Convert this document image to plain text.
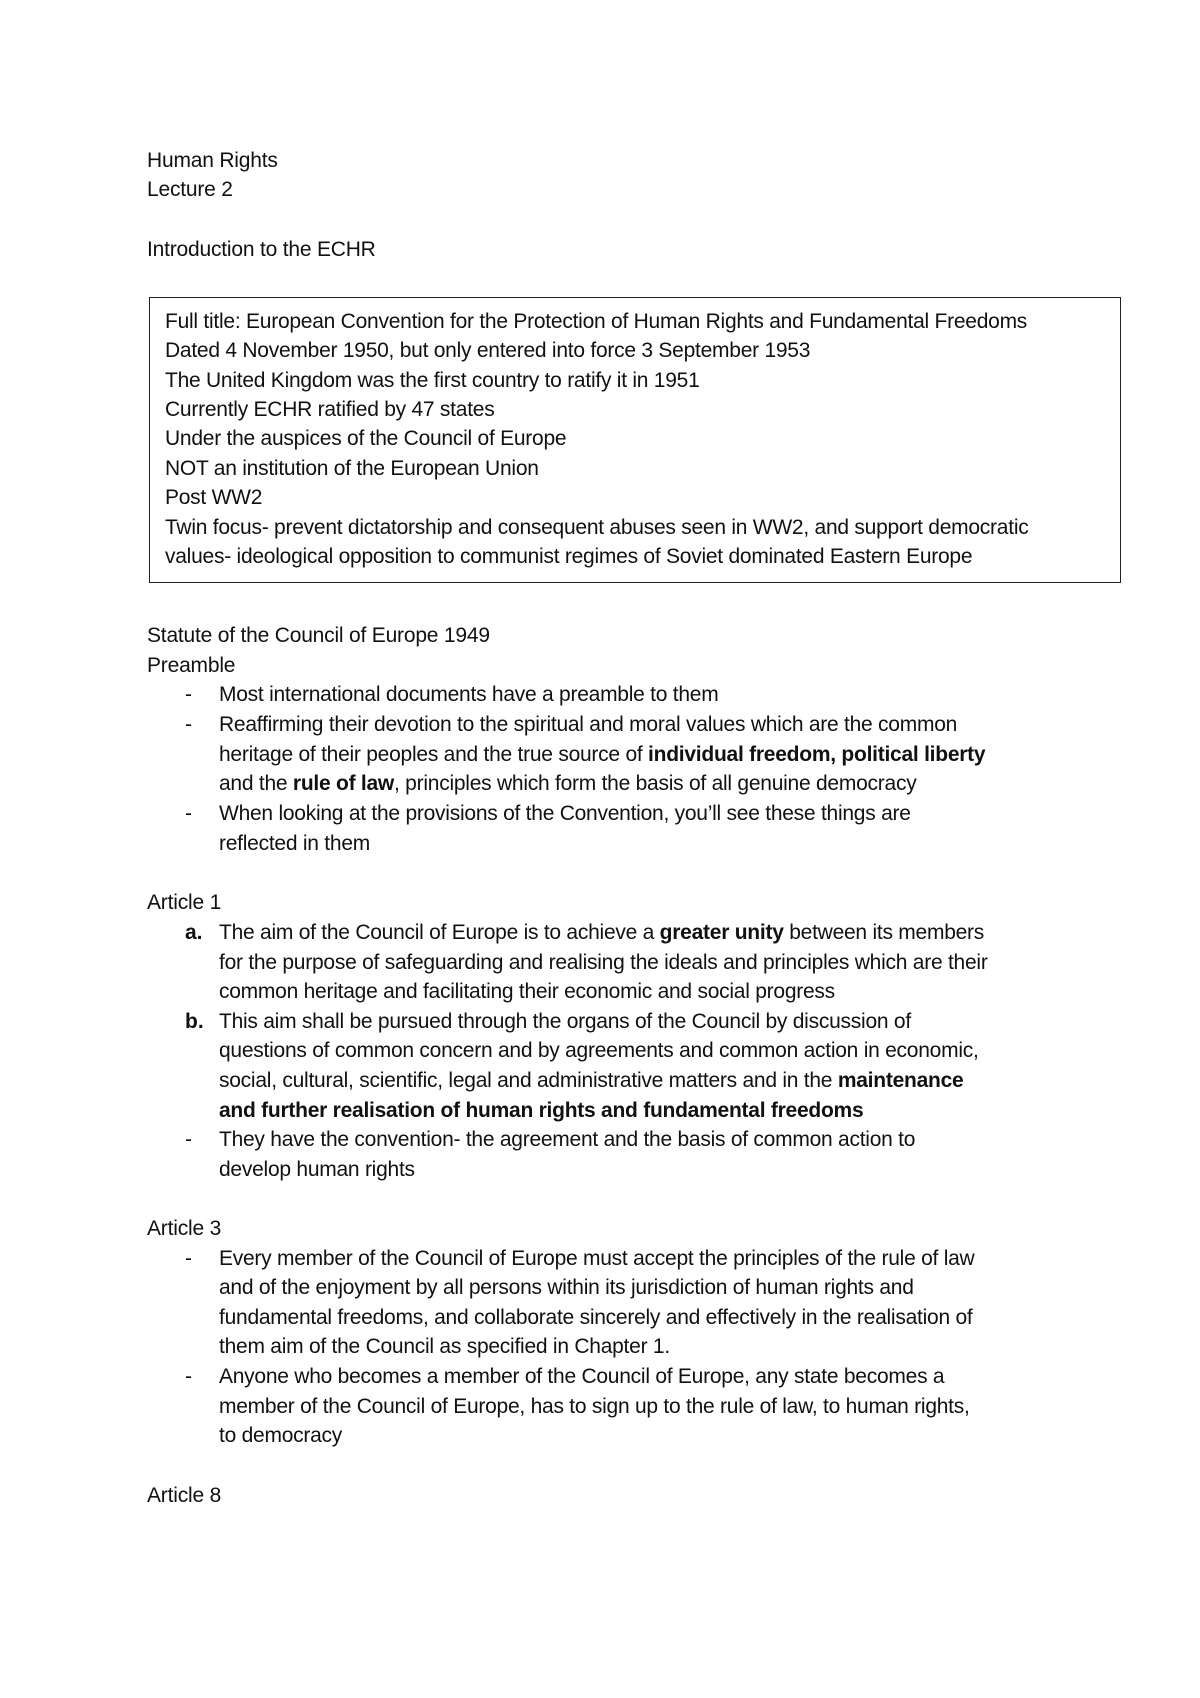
Human Rights
Lecture 2
Introduction to the ECHR
Full title: European Convention for the Protection of Human Rights and Fundamental Freedoms
Dated 4 November 1950, but only entered into force 3 September 1953
The United Kingdom was the first country to ratify it in 1951
Currently ECHR ratified by 47 states
Under the auspices of the Council of Europe
NOT an institution of the European Union
Post WW2
Twin focus- prevent dictatorship and consequent abuses seen in WW2, and support democratic
values- ideological opposition to communist regimes of Soviet dominated Eastern Europe
Statute of the Council of Europe 1949
Preamble
- Most international documents have a preamble to them
- Reaffirming their devotion to the spiritual and moral values which are the common
heritage of their peoples and the true source of individual freedom, political liberty
and the rule of law, principles which form the basis of all genuine democracy
- When looking at the provisions of the Convention, you’ll see these things are
reflected in them
Article 1
a. The aim of the Council of Europe is to achieve a greater unity between its members
for the purpose of safeguarding and realising the ideals and principles which are their
common heritage and facilitating their economic and social progress
b. This aim shall be pursued through the organs of the Council by discussion of
questions of common concern and by agreements and common action in economic,
social, cultural, scientific, legal and administrative matters and in the maintenance
and further realisation of human rights and fundamental freedoms
- They have the convention- the agreement and the basis of common action to
develop human rights
Article 3
- Every member of the Council of Europe must accept the principles of the rule of law
and of the enjoyment by all persons within its jurisdiction of human rights and
fundamental freedoms, and collaborate sincerely and effectively in the realisation of
them aim of the Council as specified in Chapter 1.
- Anyone who becomes a member of the Council of Europe, any state becomes a
member of the Council of Europe, has to sign up to the rule of law, to human rights,
to democracy
Article 8
